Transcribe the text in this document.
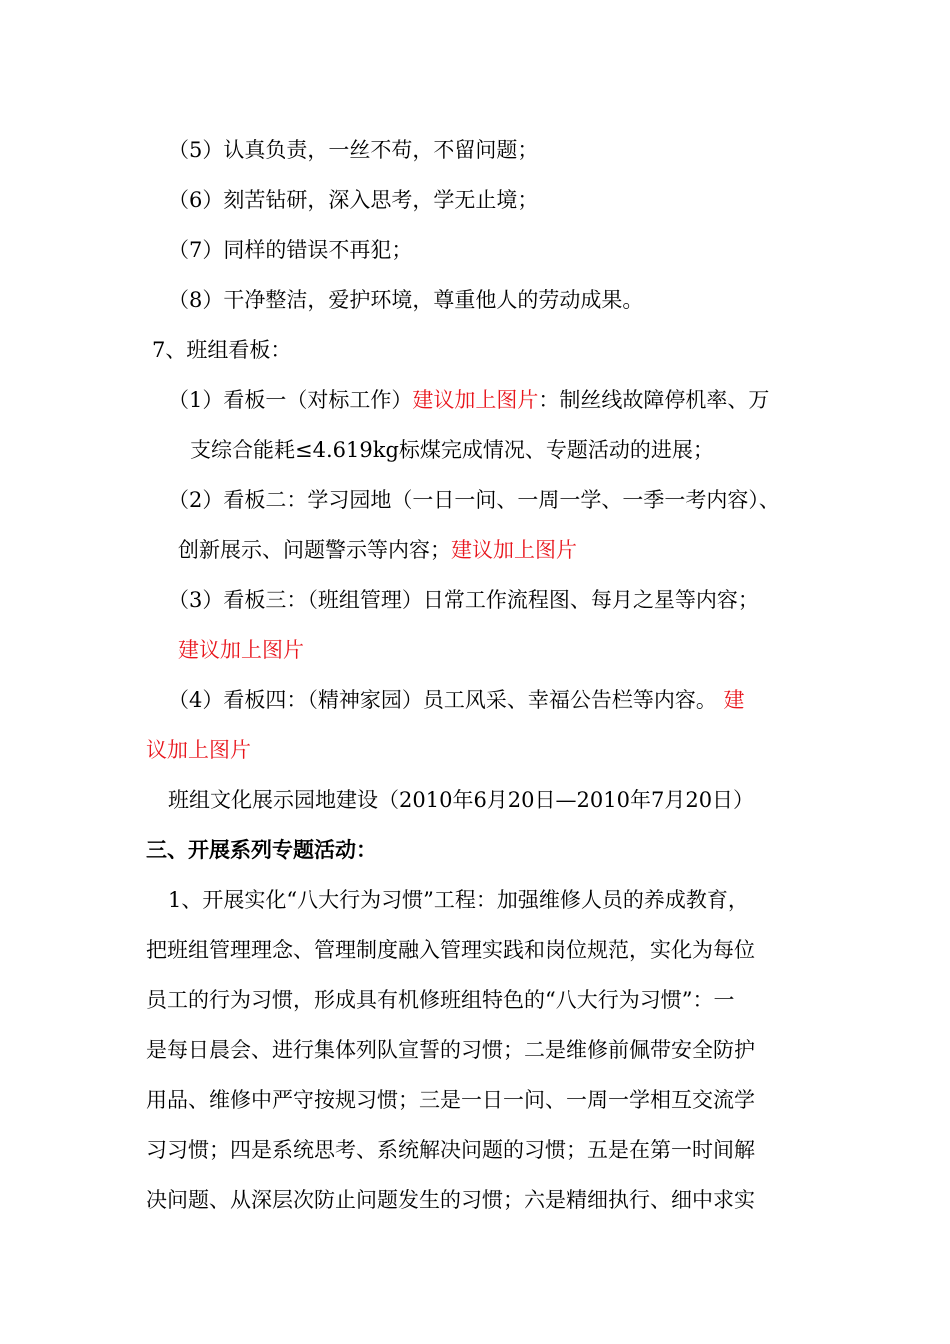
（5）认真负责，一丝不苟，不留问题；
（6）刻苦钻研，深入思考，学无止境；
（7）同样的错误不再犯；
（8）干净整洁，爱护环境，尊重他人的劳动成果。
7、班组看板：
（1）看板一（对标工作）建议加上图片：制丝线故障停机率、万
支综合能耗≤4.619kg标煤完成情况、专题活动的进展；
（2）看板二：学习园地（一日一问、一周一学、一季一考内容）、
创新展示、问题警示等内容；建议加上图片
（3）看板三：（班组管理）日常工作流程图、每月之星等内容；
建议加上图片
（4）看板四：（精神家园）员工风采、幸福公告栏等内容。 建
议加上图片
班组文化展示园地建设（2010年6月20日—2010年7月20日）
三、开展系列专题活动：
1、开展实化“八大行为习惯”工程：加强维修人员的养成教育，
把班组管理理念、管理制度融入管理实践和岗位规范，实化为每位
员工的行为习惯，形成具有机修班组特色的“八大行为习惯”：一
是每日晨会、进行集体列队宣誓的习惯；二是维修前佩带安全防护
用品、维修中严守按规习惯；三是一日一问、一周一学相互交流学
习习惯；四是系统思考、系统解决问题的习惯；五是在第一时间解
决问题、从深层次防止问题发生的习惯；六是精细执行、细中求实
